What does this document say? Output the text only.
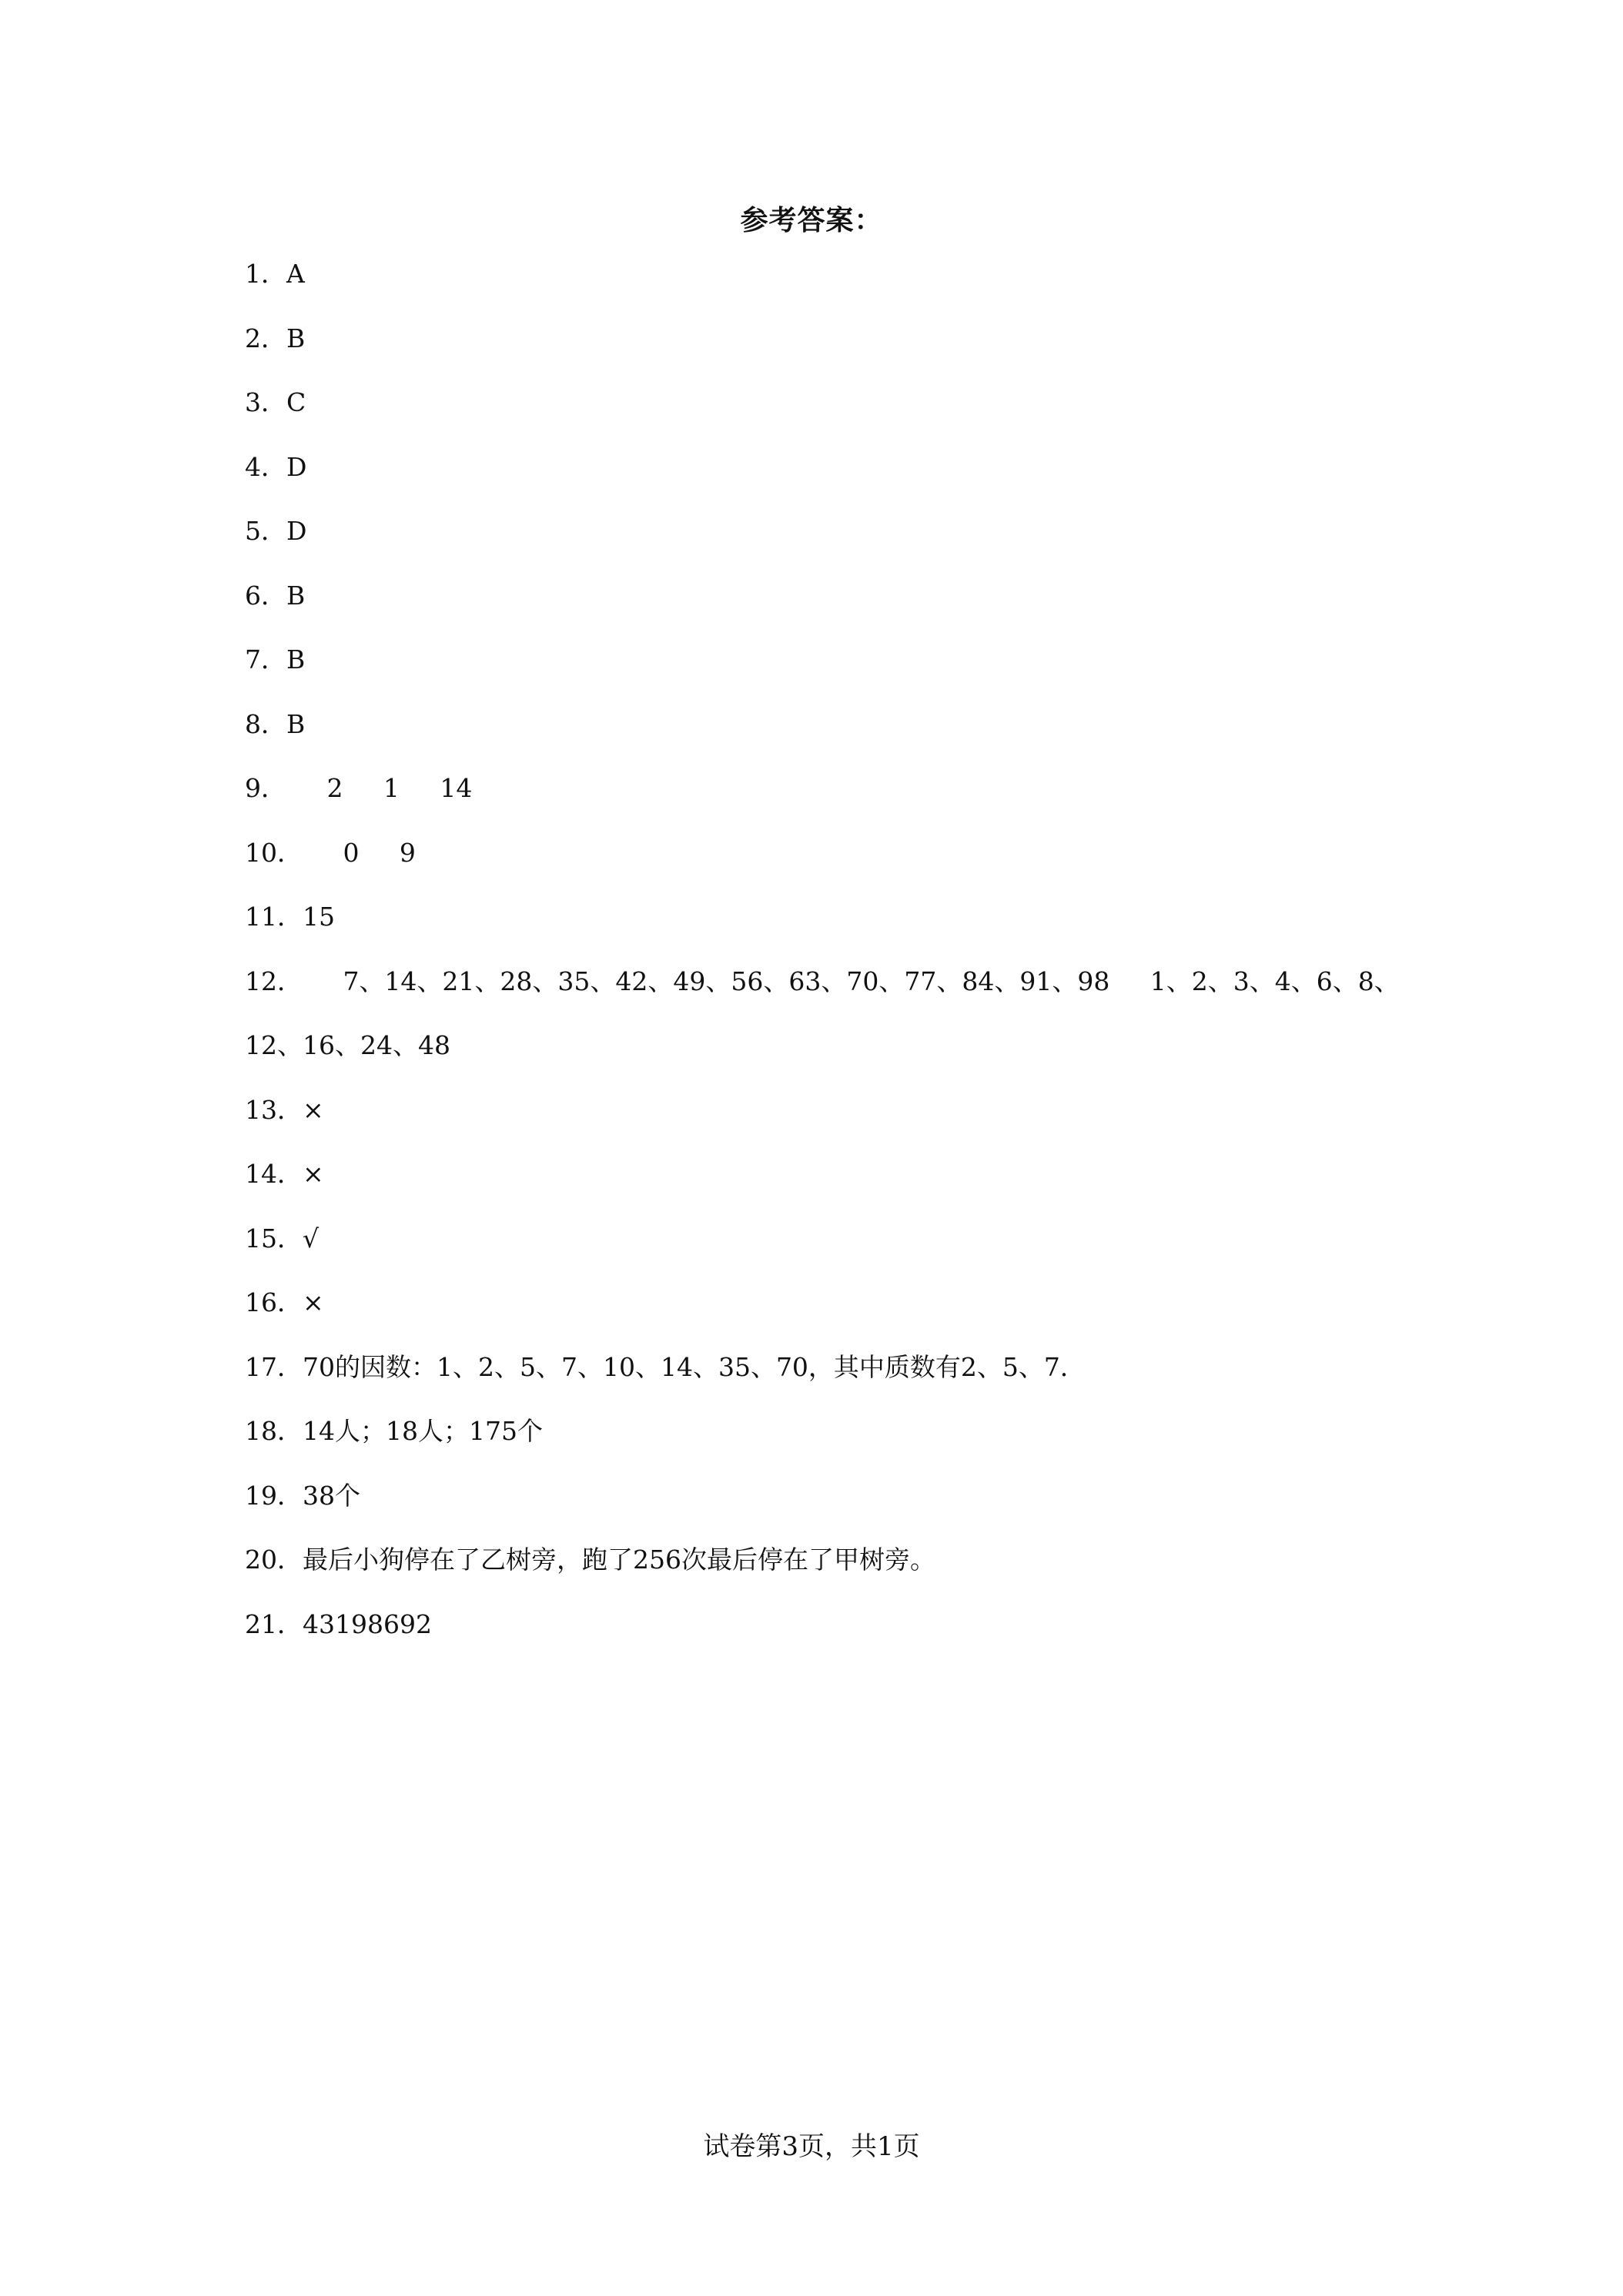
参考答案：
1．A
2．B
3．C
4．D
5．D
6．B
7．B
8．B
9．     2     1     14
10．     0     9
11．15
12．     7、14、21、28、35、42、49、56、63、70、77、84、91、98     1、2、3、4、6、8、
12、16、24、48
13．×
14．×
15．√
16．×
17．70的因数：1、2、5、7、10、14、35、70，其中质数有2、5、7．
18．14人；18人；175个
19．38个
20．最后小狗停在了乙树旁，跑了256次最后停在了甲树旁。
21．43198692
试卷第3页，共1页
